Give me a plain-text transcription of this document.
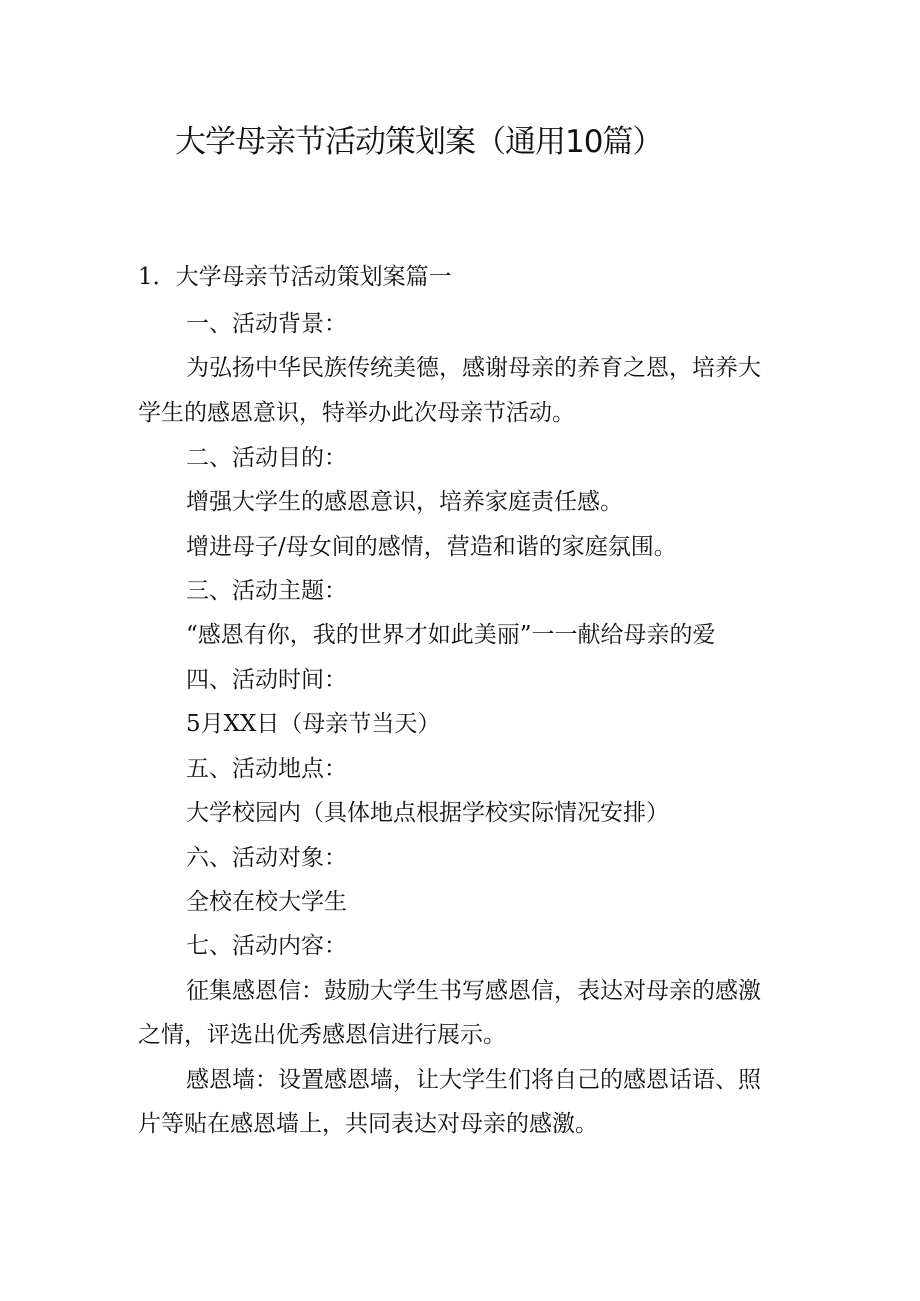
大学母亲节活动策划案（通用10篇）

1．大学母亲节活动策划案篇一

一、活动背景：

为弘扬中华民族传统美德，感谢母亲的养育之恩，培养大

学生的感恩意识，特举办此次母亲节活动。

二、活动目的：

增强大学生的感恩意识，培养家庭责任感。

增进母子/母女间的感情，营造和谐的家庭氛围。

三、活动主题：

“感恩有你，我的世界才如此美丽”一一献给母亲的爱

四、活动时间：

5月XX日（母亲节当天）

五、活动地点：

大学校园内（具体地点根据学校实际情况安排）

六、活动对象：

全校在校大学生

七、活动内容：

征集感恩信：鼓励大学生书写感恩信，表达对母亲的感激

之情，评选出优秀感恩信进行展示。

感恩墙：设置感恩墙，让大学生们将自己的感恩话语、照

片等贴在感恩墙上，共同表达对母亲的感激。
